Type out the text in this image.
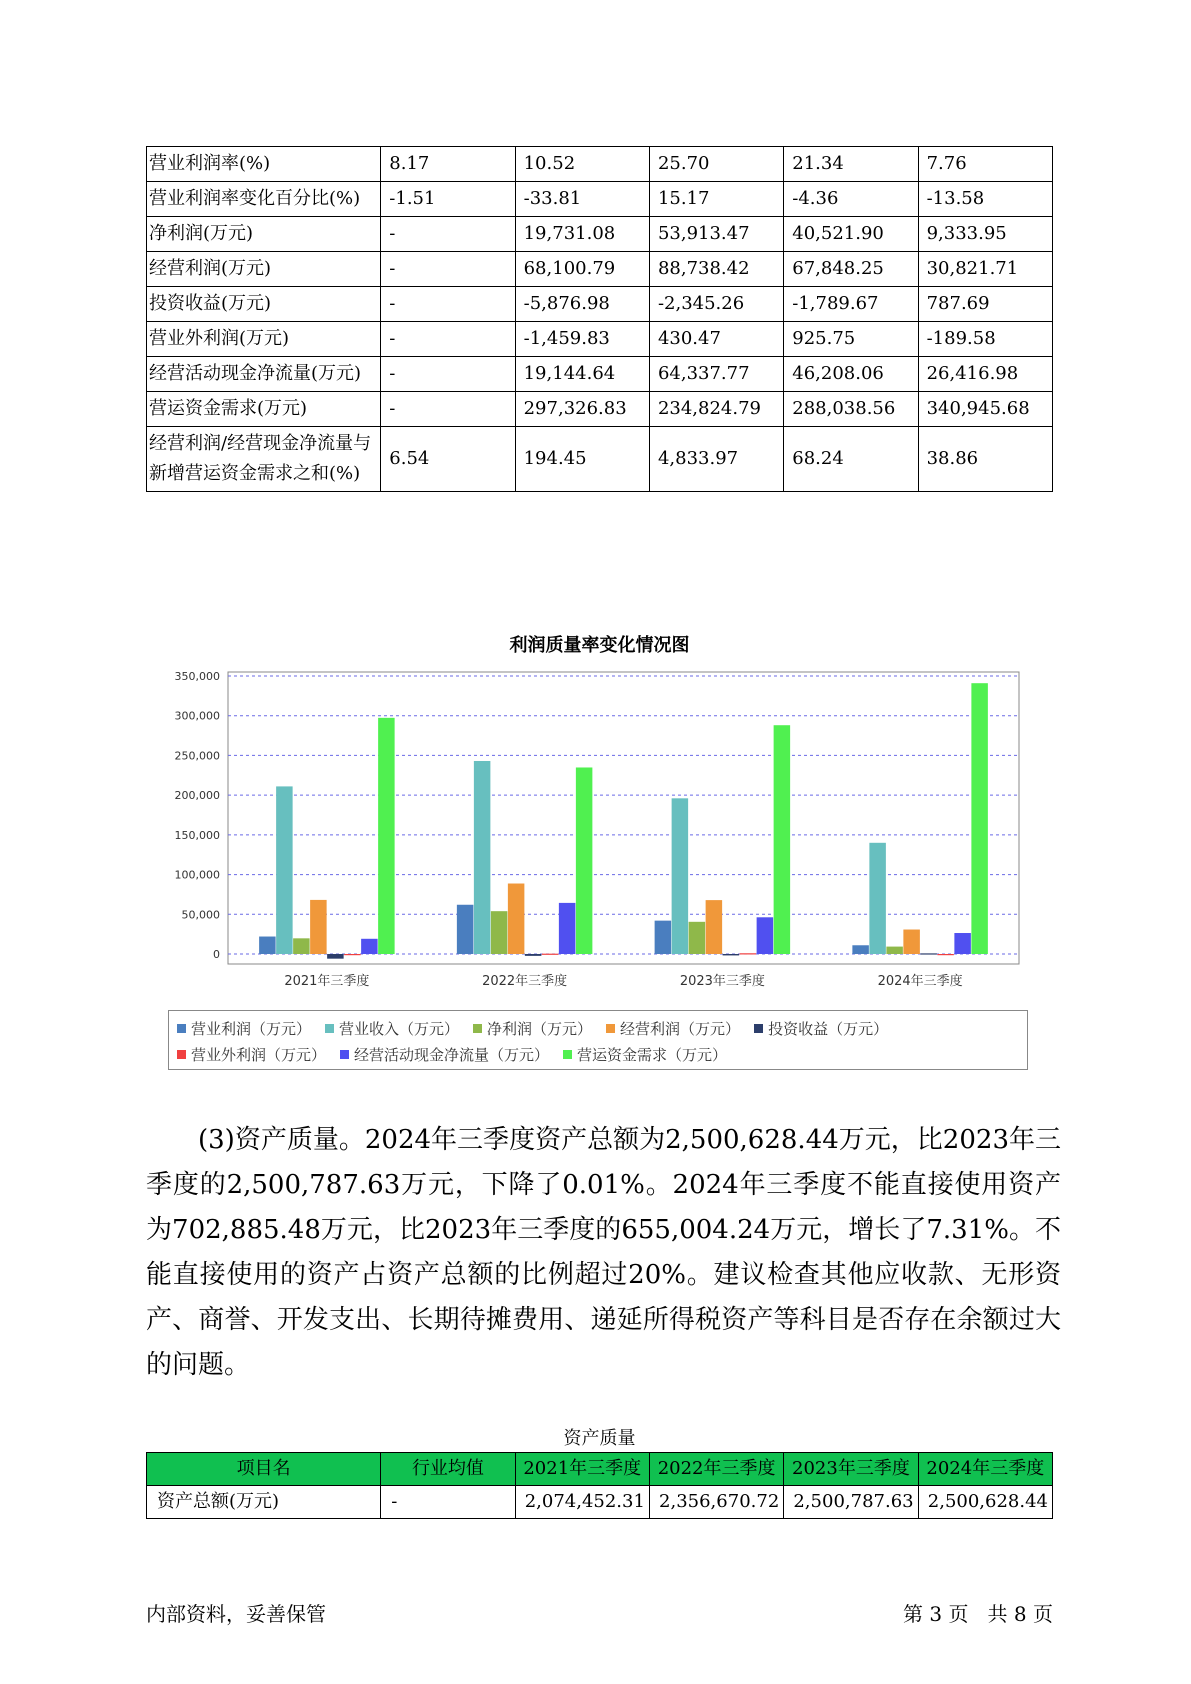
营业利润率(%)	8.17	10.52	25.70	21.34	7.76
营业利润率变化百分比(%)	-1.51	-33.81	15.17	-4.36	-13.58
净利润(万元)	-	19,731.08	53,913.47	40,521.90	9,333.95
经营利润(万元)	-	68,100.79	88,738.42	67,848.25	30,821.71
投资收益(万元)	-	-5,876.98	-2,345.26	-1,789.67	787.69
营业外利润(万元)	-	-1,459.83	430.47	925.75	-189.58
经营活动现金净流量(万元)	-	19,144.64	64,337.77	46,208.06	26,416.98
营运资金需求(万元)	-	297,326.83	234,824.79	288,038.56	340,945.68
经营利润/经营现金净流量与新增营运资金需求之和(%)	6.54	194.45	4,833.97	68.24	38.86
利润质量率变化情况图
0
50,000
100,000
150,000
200,000
250,000
300,000
350,000
2021年三季度	2022年三季度	2023年三季度	2024年三季度
营业利润（万元） 营业收入（万元） 净利润（万元） 经营利润（万元） 投资收益（万元）
营业外利润（万元） 经营活动现金净流量（万元） 营运资金需求（万元）
(3)资产质量。2024年三季度资产总额为2,500,628.44万元，比2023年三季度的2,500,787.63万元，下降了0.01%。2024年三季度不能直接使用资产为702,885.48万元，比2023年三季度的655,004.24万元，增长了7.31%。不能直接使用的资产占资产总额的比例超过20%。建议检查其他应收款、无形资产、商誉、开发支出、长期待摊费用、递延所得税资产等科目是否存在余额过大的问题。
资产质量
项目名	行业均值	2021年三季度	2022年三季度	2023年三季度	2024年三季度
资产总额(万元)	-	2,074,452.31	2,356,670.72	2,500,787.63	2,500,628.44
内部资料，妥善保管	第 3 页   共 8 页
